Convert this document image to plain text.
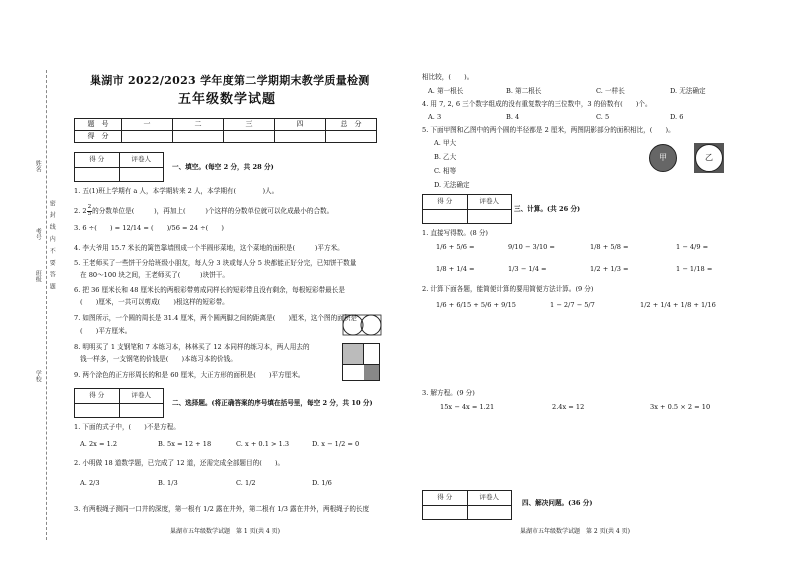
姓名
考号
班级
学校
密 封 线 内 不 要 答 题
巢湖市 2022/2023 学年度第二学期期末教学质量检测
五年级数学试题
题　号	一	二	三	四	总　分
得　分					
得 分	评卷人
一、填空。(每空 2 分，共 28 分)
1. 五(1)班上学期有 a 人，本学期转来 2 人，本学期有(　　　　)人。
2. $2 \frac{2}{5}$ 的分数单位是(　　　)，再加上(　　　)个这样的分数单位就可以化成最小的合数。
3. 6 ÷(　　) = 12/14 = (　　)/56 = 24 ÷(　　)
4. 李大爷用 15.7 米长的篱笆靠墙围成一个半圆形菜地，这个菜地的面积是(　　　)平方米。
5. 王老师买了一些饼干分给班级小朋友，每人分 3 块或每人分 5 块都能正好分完，已知饼干数量
在 80～100 块之间，王老师买了(　　　)块饼干。
6. 把 36 厘米长和 48 厘米长的两根彩带剪成同样长的短彩带且没有剩余，每根短彩带最长是
(　　)厘米，一共可以剪成(　　)根这样的短彩带。
7. 如图所示，一个圆的周长是 31.4 厘米，两个圆两脚之间的距离是(　　)厘米，这个图的面积是
(　　)平方厘米。
8. 明明买了 1 支钢笔和 7 本练习本，林林买了 12 本同样的练习本，两人用去的
钱一样多，一支钢笔的价钱是(　　)本练习本的价钱。
9. 两个涂色的正方形周长的和是 60 厘米，大正方形的面积是(　　)平方厘米。
得 分	评卷人
二、选择题。(将正确答案的序号填在括号里，每空 2 分，共 10 分)
1. 下面的式子中，(　　)不是方程。
A. 2x = 1.2	B. 5x = 12 + 18	C. x + 0.1 > 1.3	D. x − 1/2 = 0
2. 小明做 18 道数学题，已完成了 12 道，还需完成全部题目的(　　)。
A. 2/3	B. 1/3	C. 1/2	D. 1/6
3. 有两根绳子测同一口井的深度，第一根有 1/2 露在井外，第二根有 1/3 露在井外，两根绳子的长度
巢湖市五年级数学试题　第 1 页(共 4 页)
相比较，(　　)。
A. 第一根长	B. 第二根长	C. 一样长	D. 无法确定
4. 用 7, 2, 6 三个数字组成的没有重复数字的三位数中，3 的倍数有(　　)个。
A. 3	B. 4	C. 5	D. 6
5. 下面甲图和乙图中的两个圆的半径都是 2 厘米，两图阴影部分的面积相比，(　　)。
A. 甲大
B. 乙大
C. 相等
D. 无法确定
甲	乙
得 分	评卷人
三、计算。(共 26 分)
1. 直接写得数。(8 分)
1/6 + 5/6 =	9/10 − 3/10 =	1/8 + 5/8 =	1 − 4/9 =
1/8 + 1/4 =	1/3 − 1/4 =	1/2 + 1/3 =	1 − 1/18 =
2. 计算下面各题，能简便计算的要用简便方法计算。(9 分)
1/6 + 6/15 + 5/6 + 9/15	1 − 2/7 − 5/7	1/2 + 1/4 + 1/8 + 1/16
3. 解方程。(9 分)
15x − 4x = 1.21	2.4x = 12	3x + 0.5 × 2 = 10
得 分	评卷人
四、解决问题。(36 分)
巢湖市五年级数学试题　第 2 页(共 4 页)
